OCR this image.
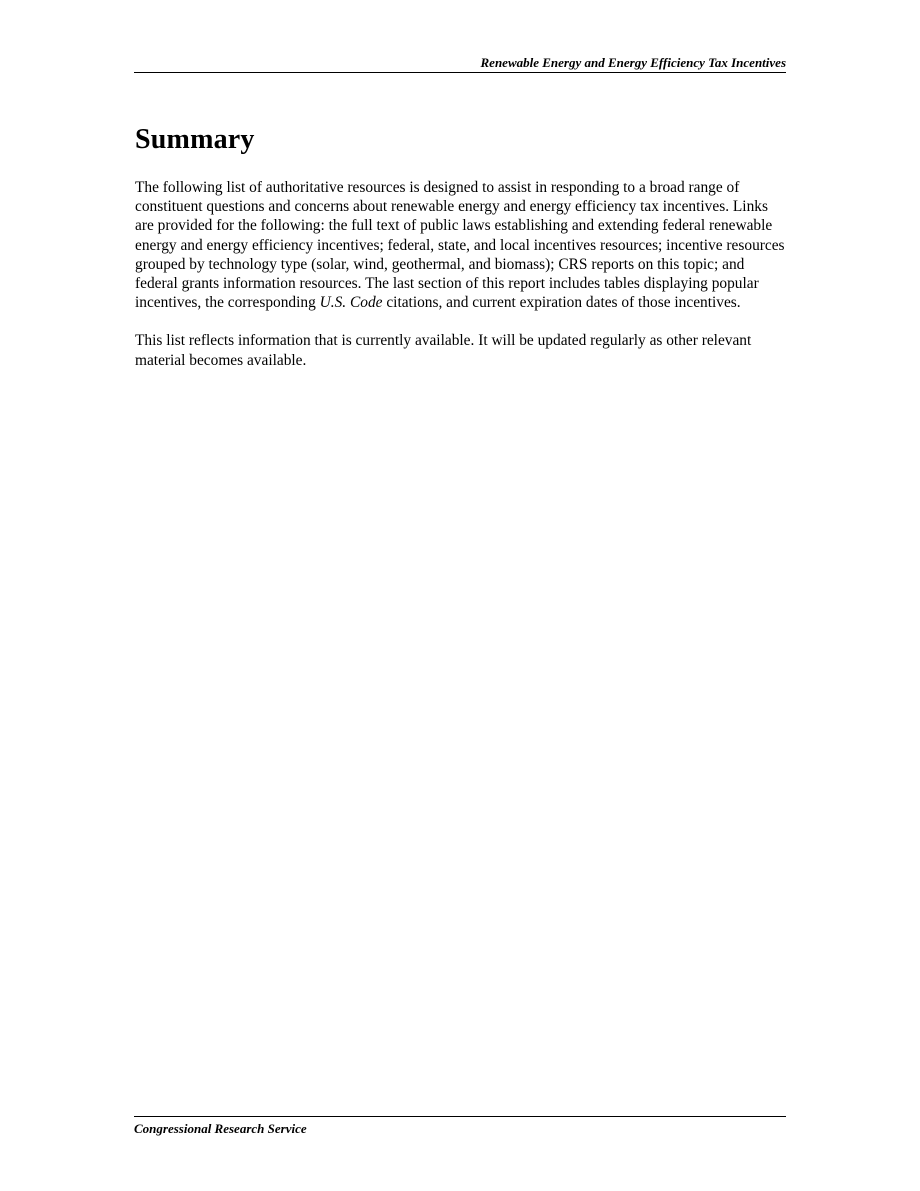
Renewable Energy and Energy Efficiency Tax Incentives
Summary

The following list of authoritative resources is designed to assist in responding to a broad range of constituent questions and concerns about renewable energy and energy efficiency tax incentives. Links are provided for the following: the full text of public laws establishing and extending federal renewable energy and energy efficiency incentives; federal, state, and local incentives resources; incentive resources grouped by technology type (solar, wind, geothermal, and biomass); CRS reports on this topic; and federal grants information resources. The last section of this report includes tables displaying popular incentives, the corresponding U.S. Code citations, and current expiration dates of those incentives.

This list reflects information that is currently available. It will be updated regularly as other relevant material becomes available.

Congressional Research Service
